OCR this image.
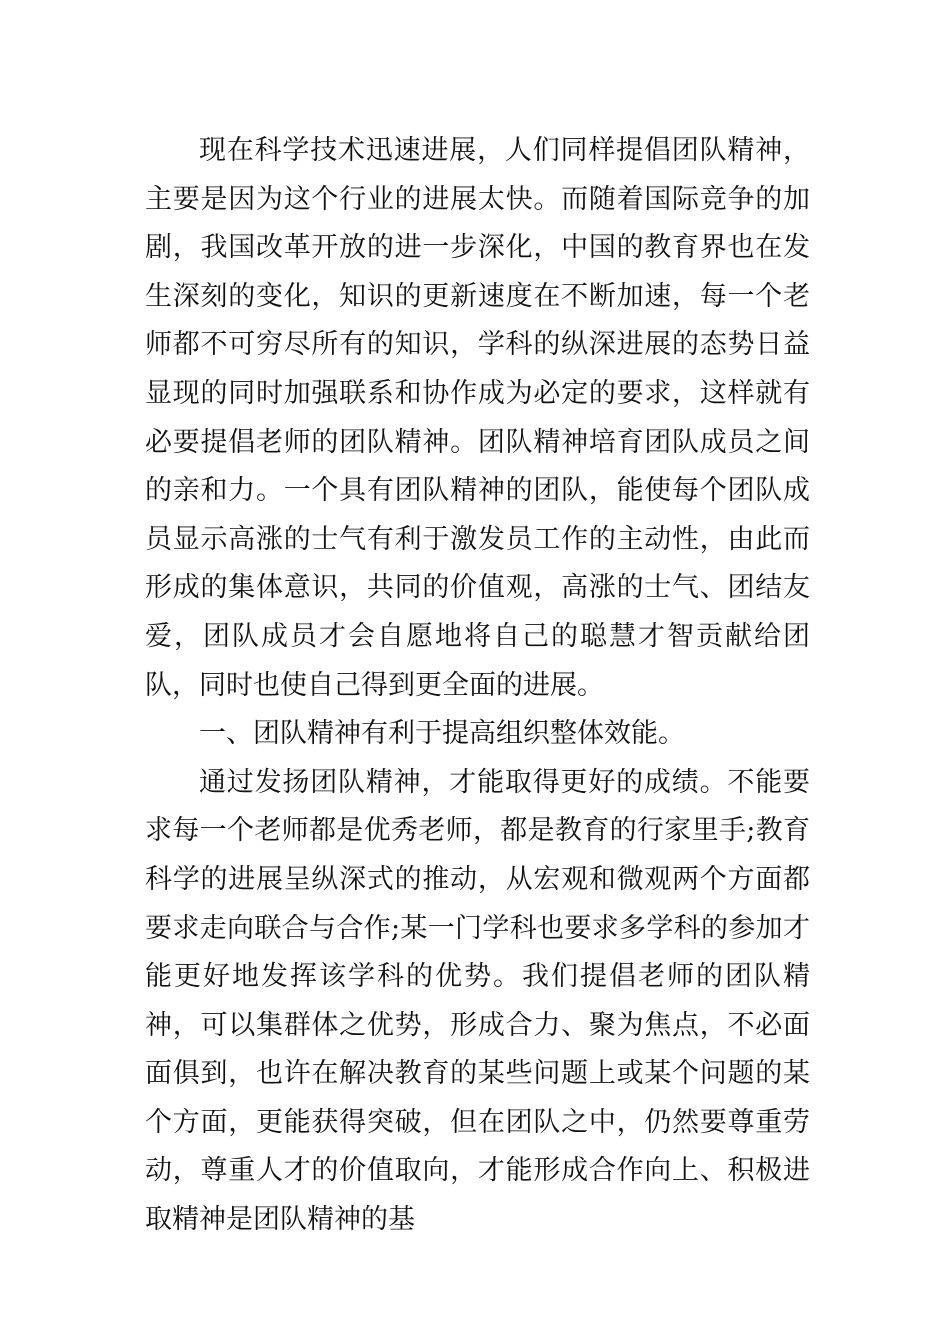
现在科学技术迅速进展，人们同样提倡团队精神，主要是因为这个行业的进展太快。而随着国际竞争的加剧，我国改革开放的进一步深化，中国的教育界也在发生深刻的变化，知识的更新速度在不断加速，每一个老师都不可穷尽所有的知识，学科的纵深进展的态势日益显现的同时加强联系和协作成为必定的要求，这样就有必要提倡老师的团队精神。团队精神培育团队成员之间的亲和力。一个具有团队精神的团队，能使每个团队成员显示高涨的士气有利于激发员工作的主动性，由此而形成的集体意识，共同的价值观，高涨的士气、团结友爱，团队成员才会自愿地将自己的聪慧才智贡献给团队，同时也使自己得到更全面的进展。

一、团队精神有利于提高组织整体效能。

通过发扬团队精神，才能取得更好的成绩。不能要求每一个老师都是优秀老师，都是教育的行家里手;教育科学的进展呈纵深式的推动，从宏观和微观两个方面都要求走向联合与合作;某一门学科也要求多学科的参加才能更好地发挥该学科的优势。我们提倡老师的团队精神，可以集群体之优势，形成合力、聚为焦点，不必面面俱到，也许在解决教育的某些问题上或某个问题的某个方面，更能获得突破，但在团队之中，仍然要尊重劳动，尊重人才的价值取向，才能形成合作向上、积极进取精神是团队精神的基
